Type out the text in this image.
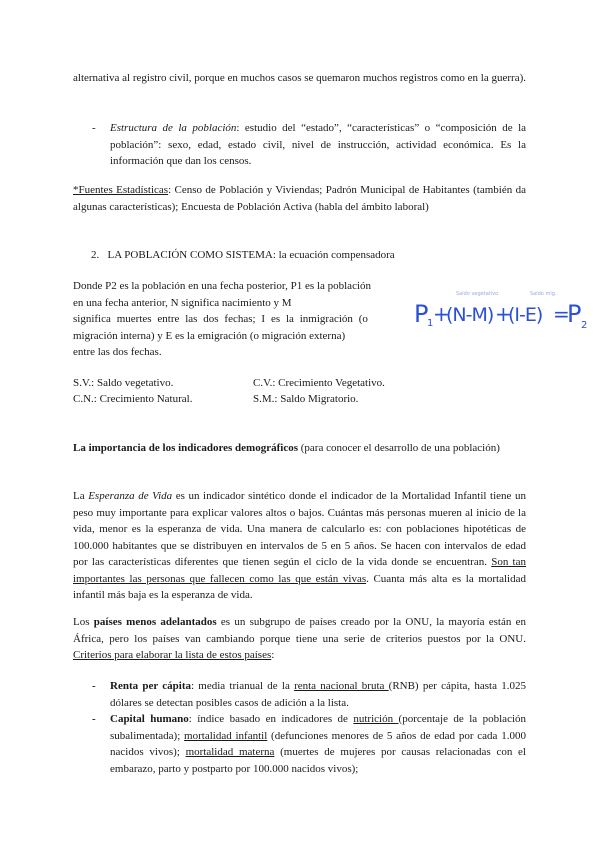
alternativa al registro civil, porque en muchos casos se quemaron muchos registros como en la guerra).
- Estructura de la población: estudio del “estado”, “características” o “composición de la población”: sexo, edad, estado civil, nivel de instrucción, actividad económica. Es la información que dan los censos.
*Fuentes Estadísticas: Censo de Población y Viviendas; Padrón Municipal de Habitantes (también da algunas características); Encuesta de Población Activa (habla del ámbito laboral)
2. LA POBLACIÓN COMO SISTEMA: la ecuación compensadora
Donde P2 es la población en una fecha posterior, P1 es la población
en una fecha anterior, N significa nacimiento y M
significa muertes entre las dos fechas; I es la inmigración (o
migración interna) y E es la emigración (o migración externa)
entre las dos fechas.
Saldo vegetativo	Saldo mig.
P
1 +
(N-M) +
(I-E) =
P 2
S.V.: Saldo vegetativo.	C.V.: Crecimiento Vegetativo.
C.N.: Crecimiento Natural.	S.M.: Saldo Migratorio.
La importancia de los indicadores demográficos (para conocer el desarrollo de una población)
La Esperanza de Vida es un indicador sintético donde el indicador de la Mortalidad Infantil tiene un peso muy importante para explicar valores altos o bajos. Cuántas más personas mueren al inicio de la vida, menor es la esperanza de vida. Una manera de calcularlo es: con poblaciones hipotéticas de 100.000 habitantes que se distribuyen en intervalos de 5 en 5 años. Se hacen con intervalos de edad por las características diferentes que tienen según el ciclo de la vida donde se encuentran. Son tan importantes las personas que fallecen como las que están vivas. Cuanta más alta es la mortalidad infantil más baja es la esperanza de vida.
Los países menos adelantados es un subgrupo de países creado por la ONU, la mayoría están en África, pero los países van cambiando porque tiene una serie de criterios puestos por la ONU. Criterios para elaborar la lista de estos países:
- Renta per cápita: media trianual de la renta nacional bruta (RNB) per cápita, hasta 1.025 dólares se detectan posibles casos de adición a la lista.
- Capital humano: índice basado en indicadores de nutrición (porcentaje de la población subalimentada); mortalidad infantil (defunciones menores de 5 años de edad por cada 1.000 nacidos vivos); mortalidad materna (muertes de mujeres por causas relacionadas con el embarazo, parto y postparto por 100.000 nacidos vivos);
